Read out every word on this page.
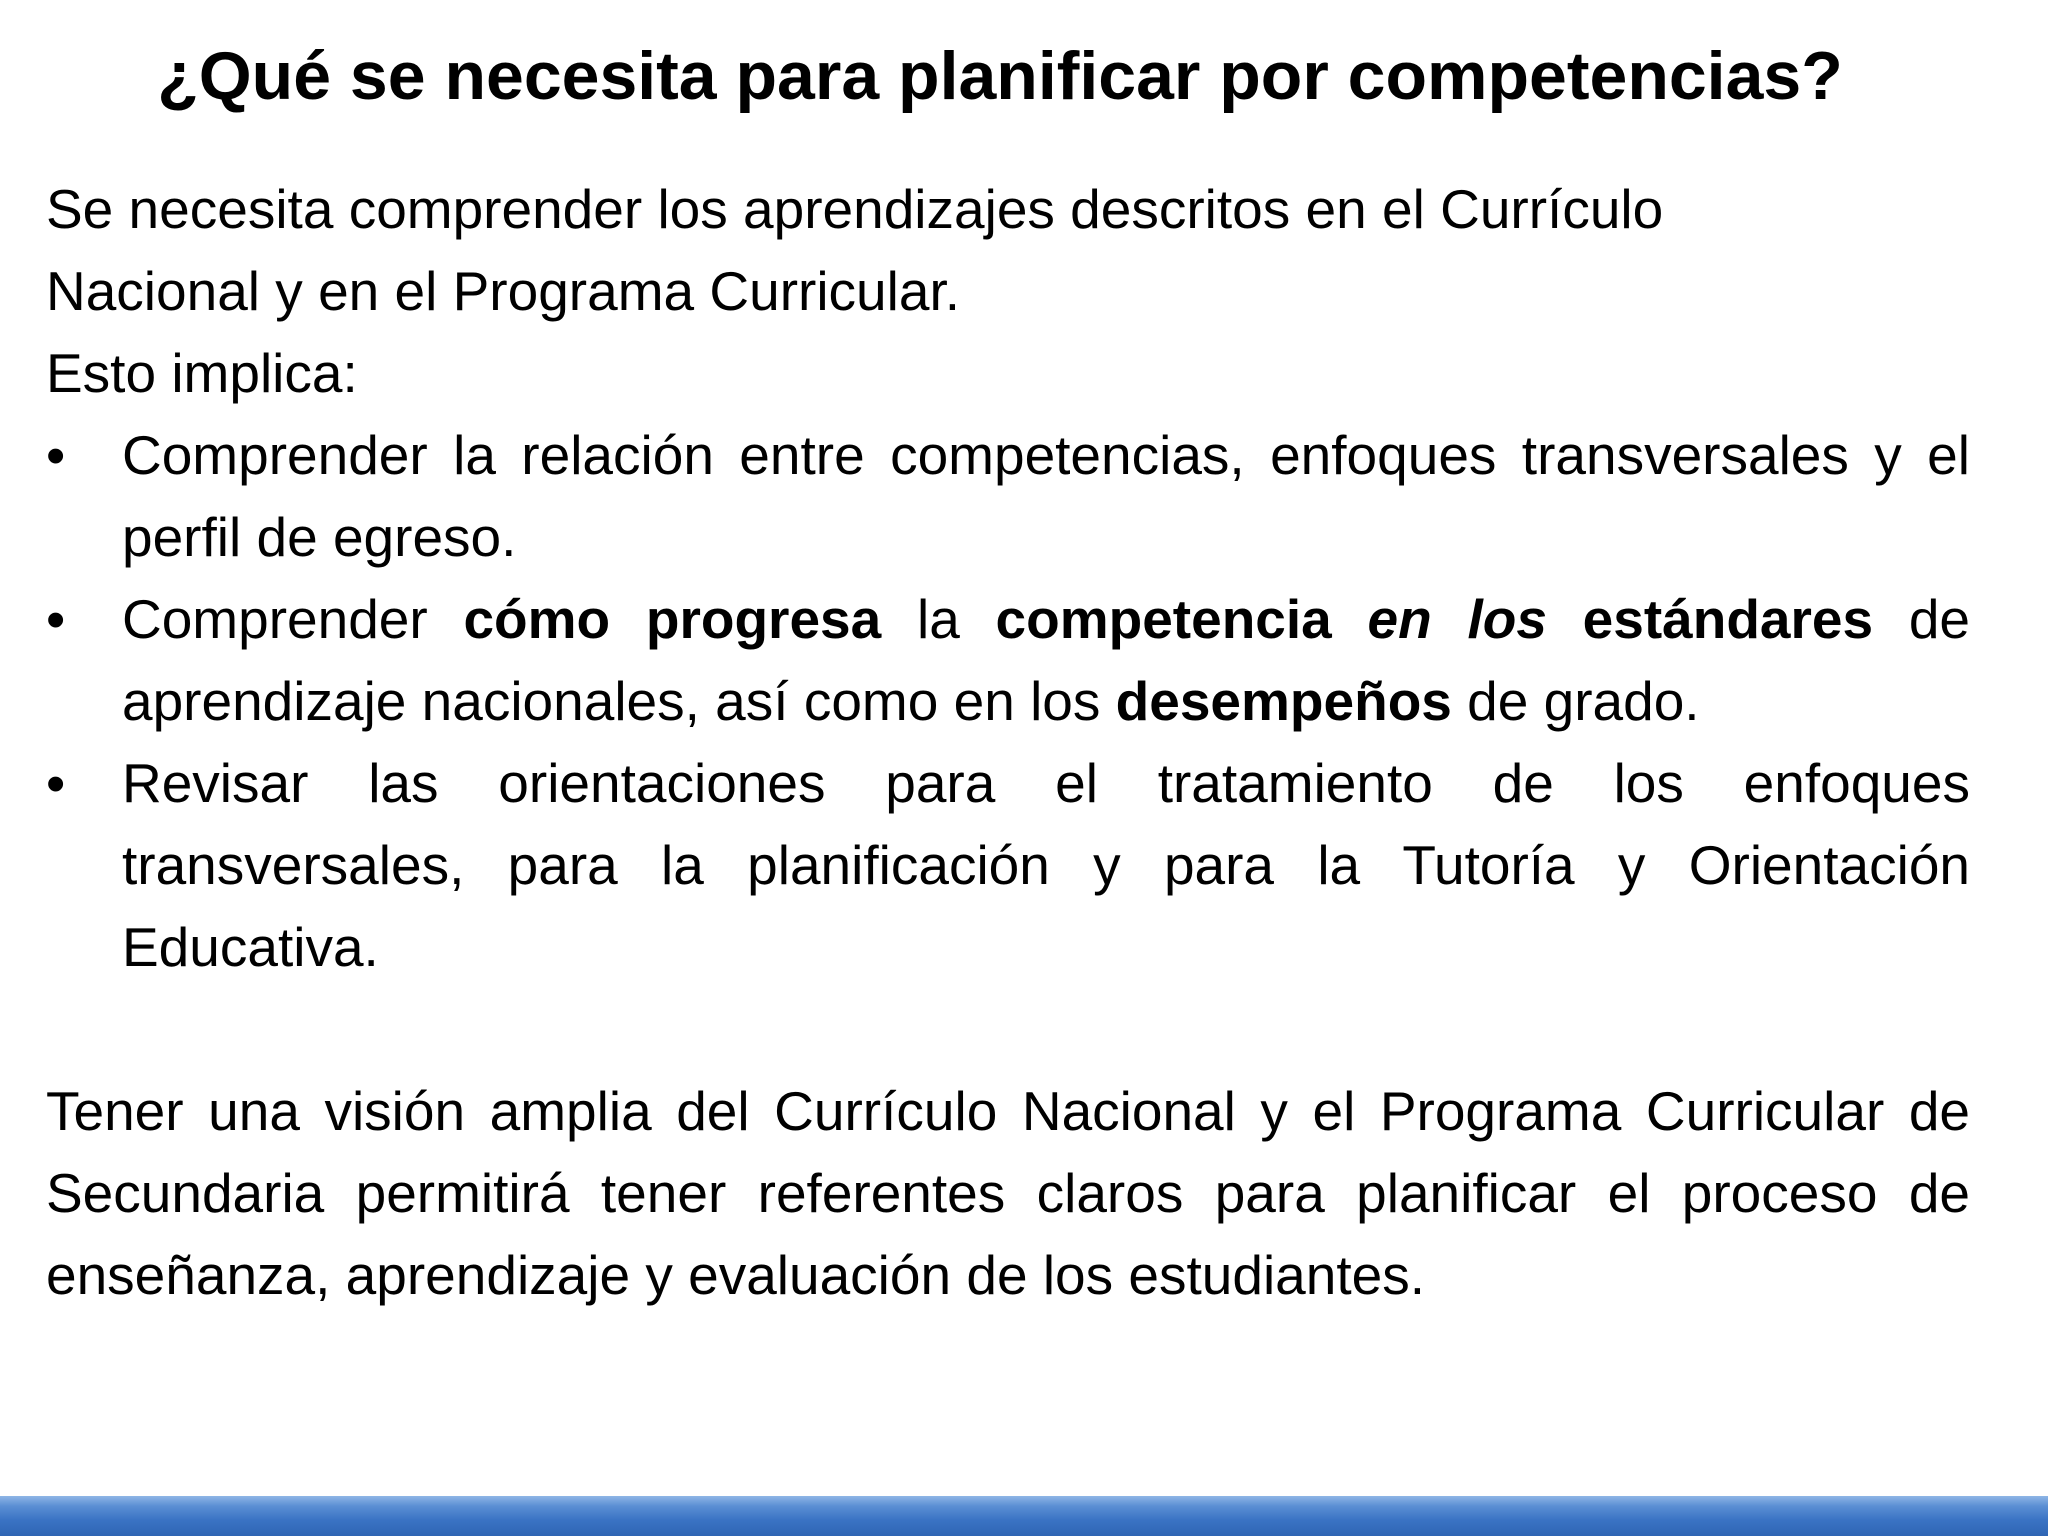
¿Qué se necesita para planificar por competencias?

Se necesita comprender los aprendizajes descritos en el Currículo

Nacional y en el Programa Curricular.

Esto implica:

• Comprender la relación entre competencias, enfoques transversales y el perfil de egreso.
• Comprender cómo progresa la competencia en los estándares de aprendizaje nacionales, así como en los desempeños de grado.
• Revisar las orientaciones para el tratamiento de los enfoques transversales, para la planificación y para la Tutoría y Orientación Educativa.

Tener una visión amplia del Currículo Nacional y el Programa Curricular de Secundaria permitirá tener referentes claros para planificar el proceso de enseñanza, aprendizaje y evaluación de los estudiantes.
